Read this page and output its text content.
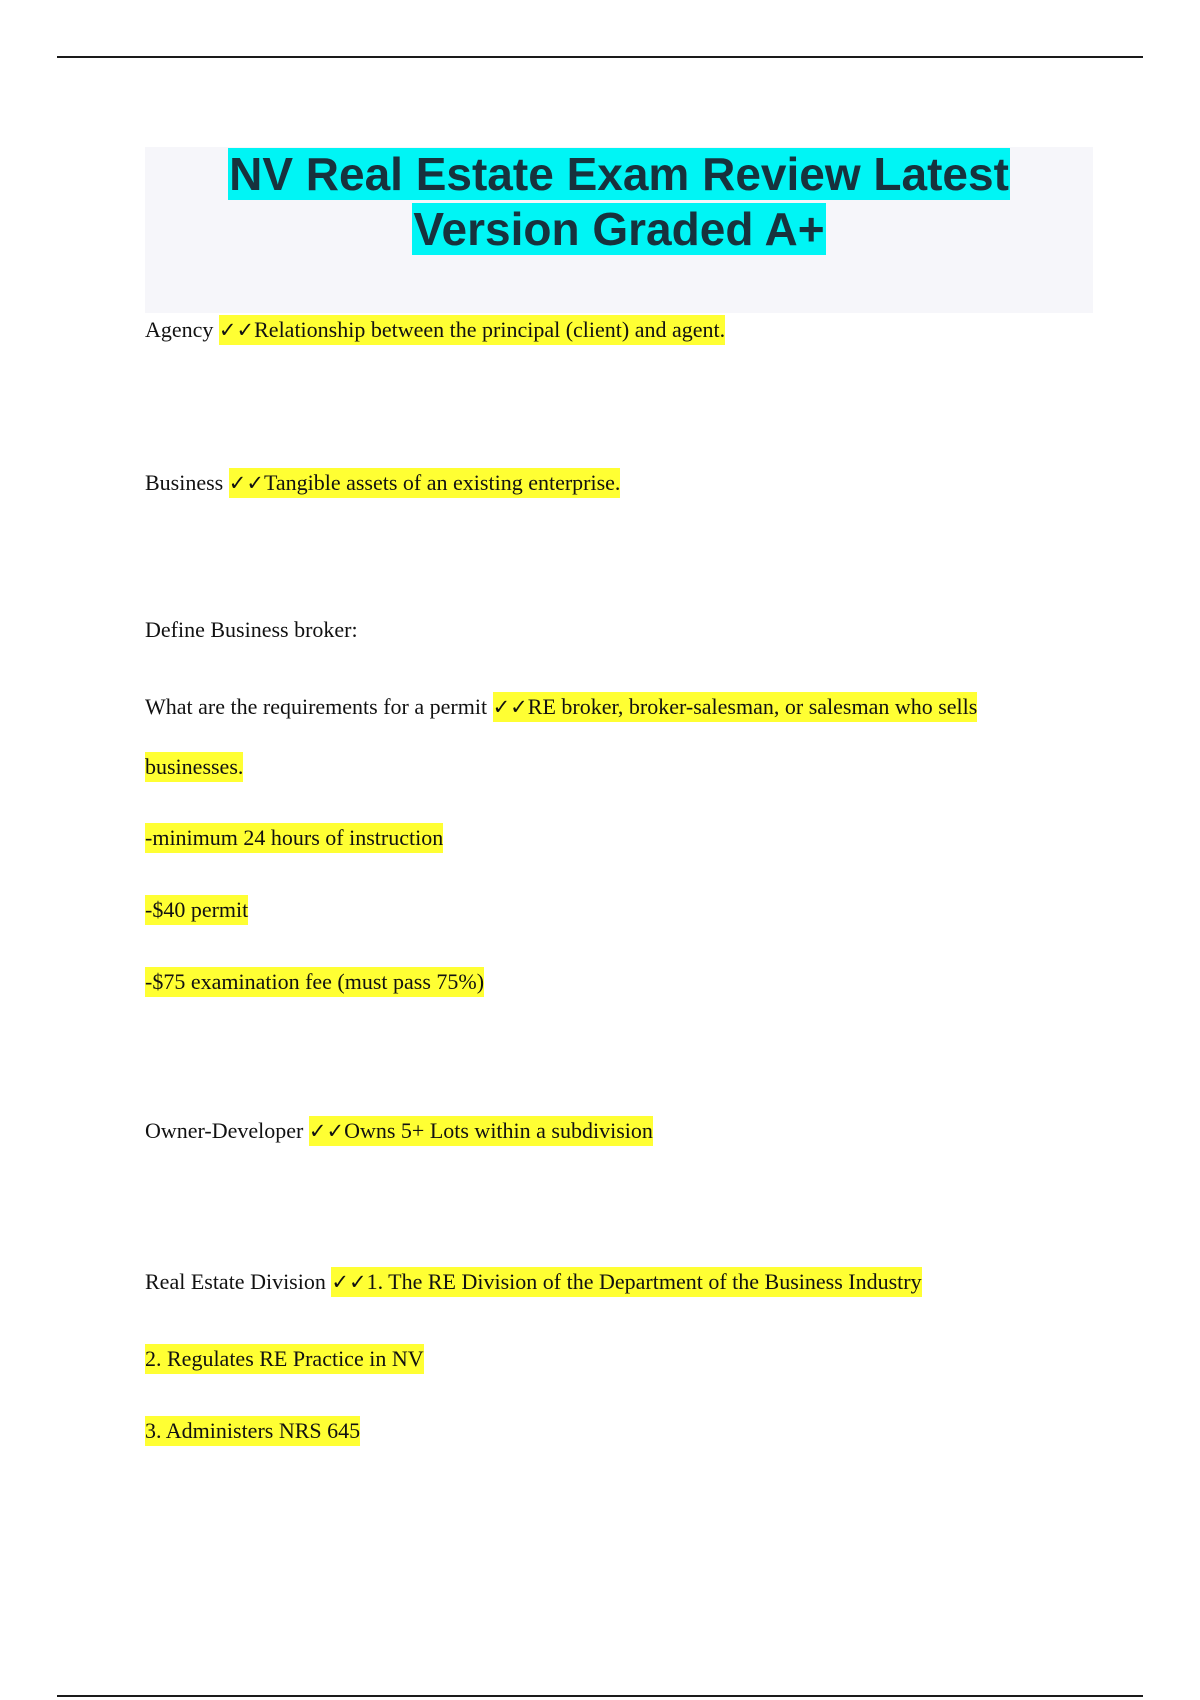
NV Real Estate Exam Review Latest
Version Graded A+
Agency ✓✓Relationship between the principal (client) and agent.
Business ✓✓Tangible assets of an existing enterprise.
Define Business broker:
What are the requirements for a permit ✓✓RE broker, broker-salesman, or salesman who sells
businesses.
-minimum 24 hours of instruction
-$40 permit
-$75 examination fee (must pass 75%)
Owner-Developer ✓✓Owns 5+ Lots within a subdivision
Real Estate Division ✓✓1. The RE Division of the Department of the Business Industry
2. Regulates RE Practice in NV
3. Administers NRS 645
